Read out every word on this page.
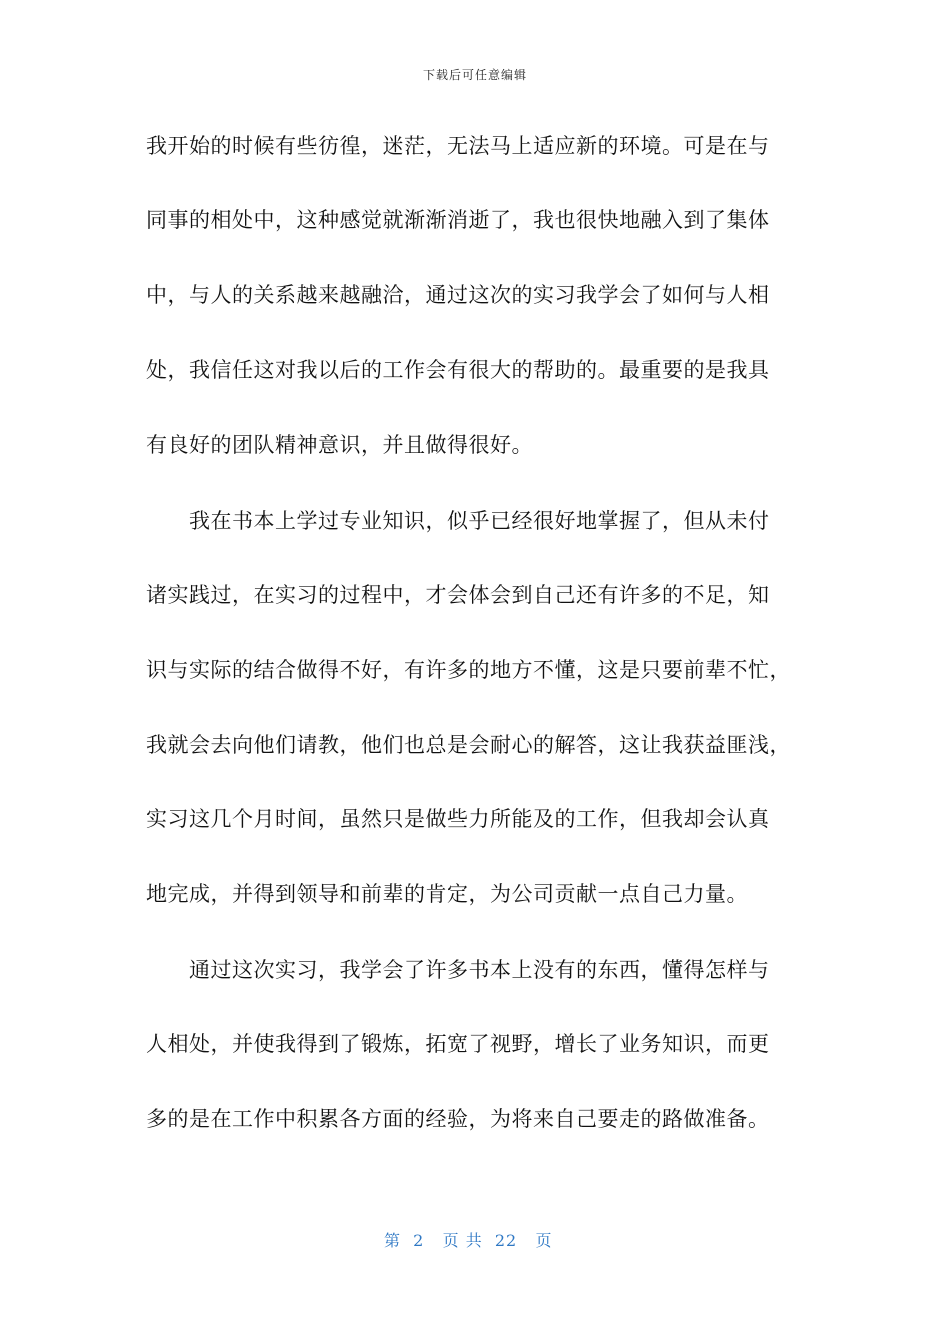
下载后可任意编辑
我开始的时候有些彷徨，迷茫，无法马上适应新的环境。可是在与
同事的相处中，这种感觉就渐渐消逝了，我也很快地融入到了集体
中，与人的关系越来越融洽，通过这次的实习我学会了如何与人相
处，我信任这对我以后的工作会有很大的帮助的。最重要的是我具
有良好的团队精神意识，并且做得很好。
　　我在书本上学过专业知识，似乎已经很好地掌握了，但从未付
诸实践过，在实习的过程中，才会体会到自己还有许多的不足，知
识与实际的结合做得不好，有许多的地方不懂，这是只要前辈不忙，
我就会去向他们请教，他们也总是会耐心的解答，这让我获益匪浅，
实习这几个月时间，虽然只是做些力所能及的工作，但我却会认真
地完成，并得到领导和前辈的肯定，为公司贡献一点自己力量。
　　通过这次实习，我学会了许多书本上没有的东西，懂得怎样与
人相处，并使我得到了锻炼，拓宽了视野，增长了业务知识，而更
多的是在工作中积累各方面的经验，为将来自己要走的路做准备。
第  2   页 共  22   页
